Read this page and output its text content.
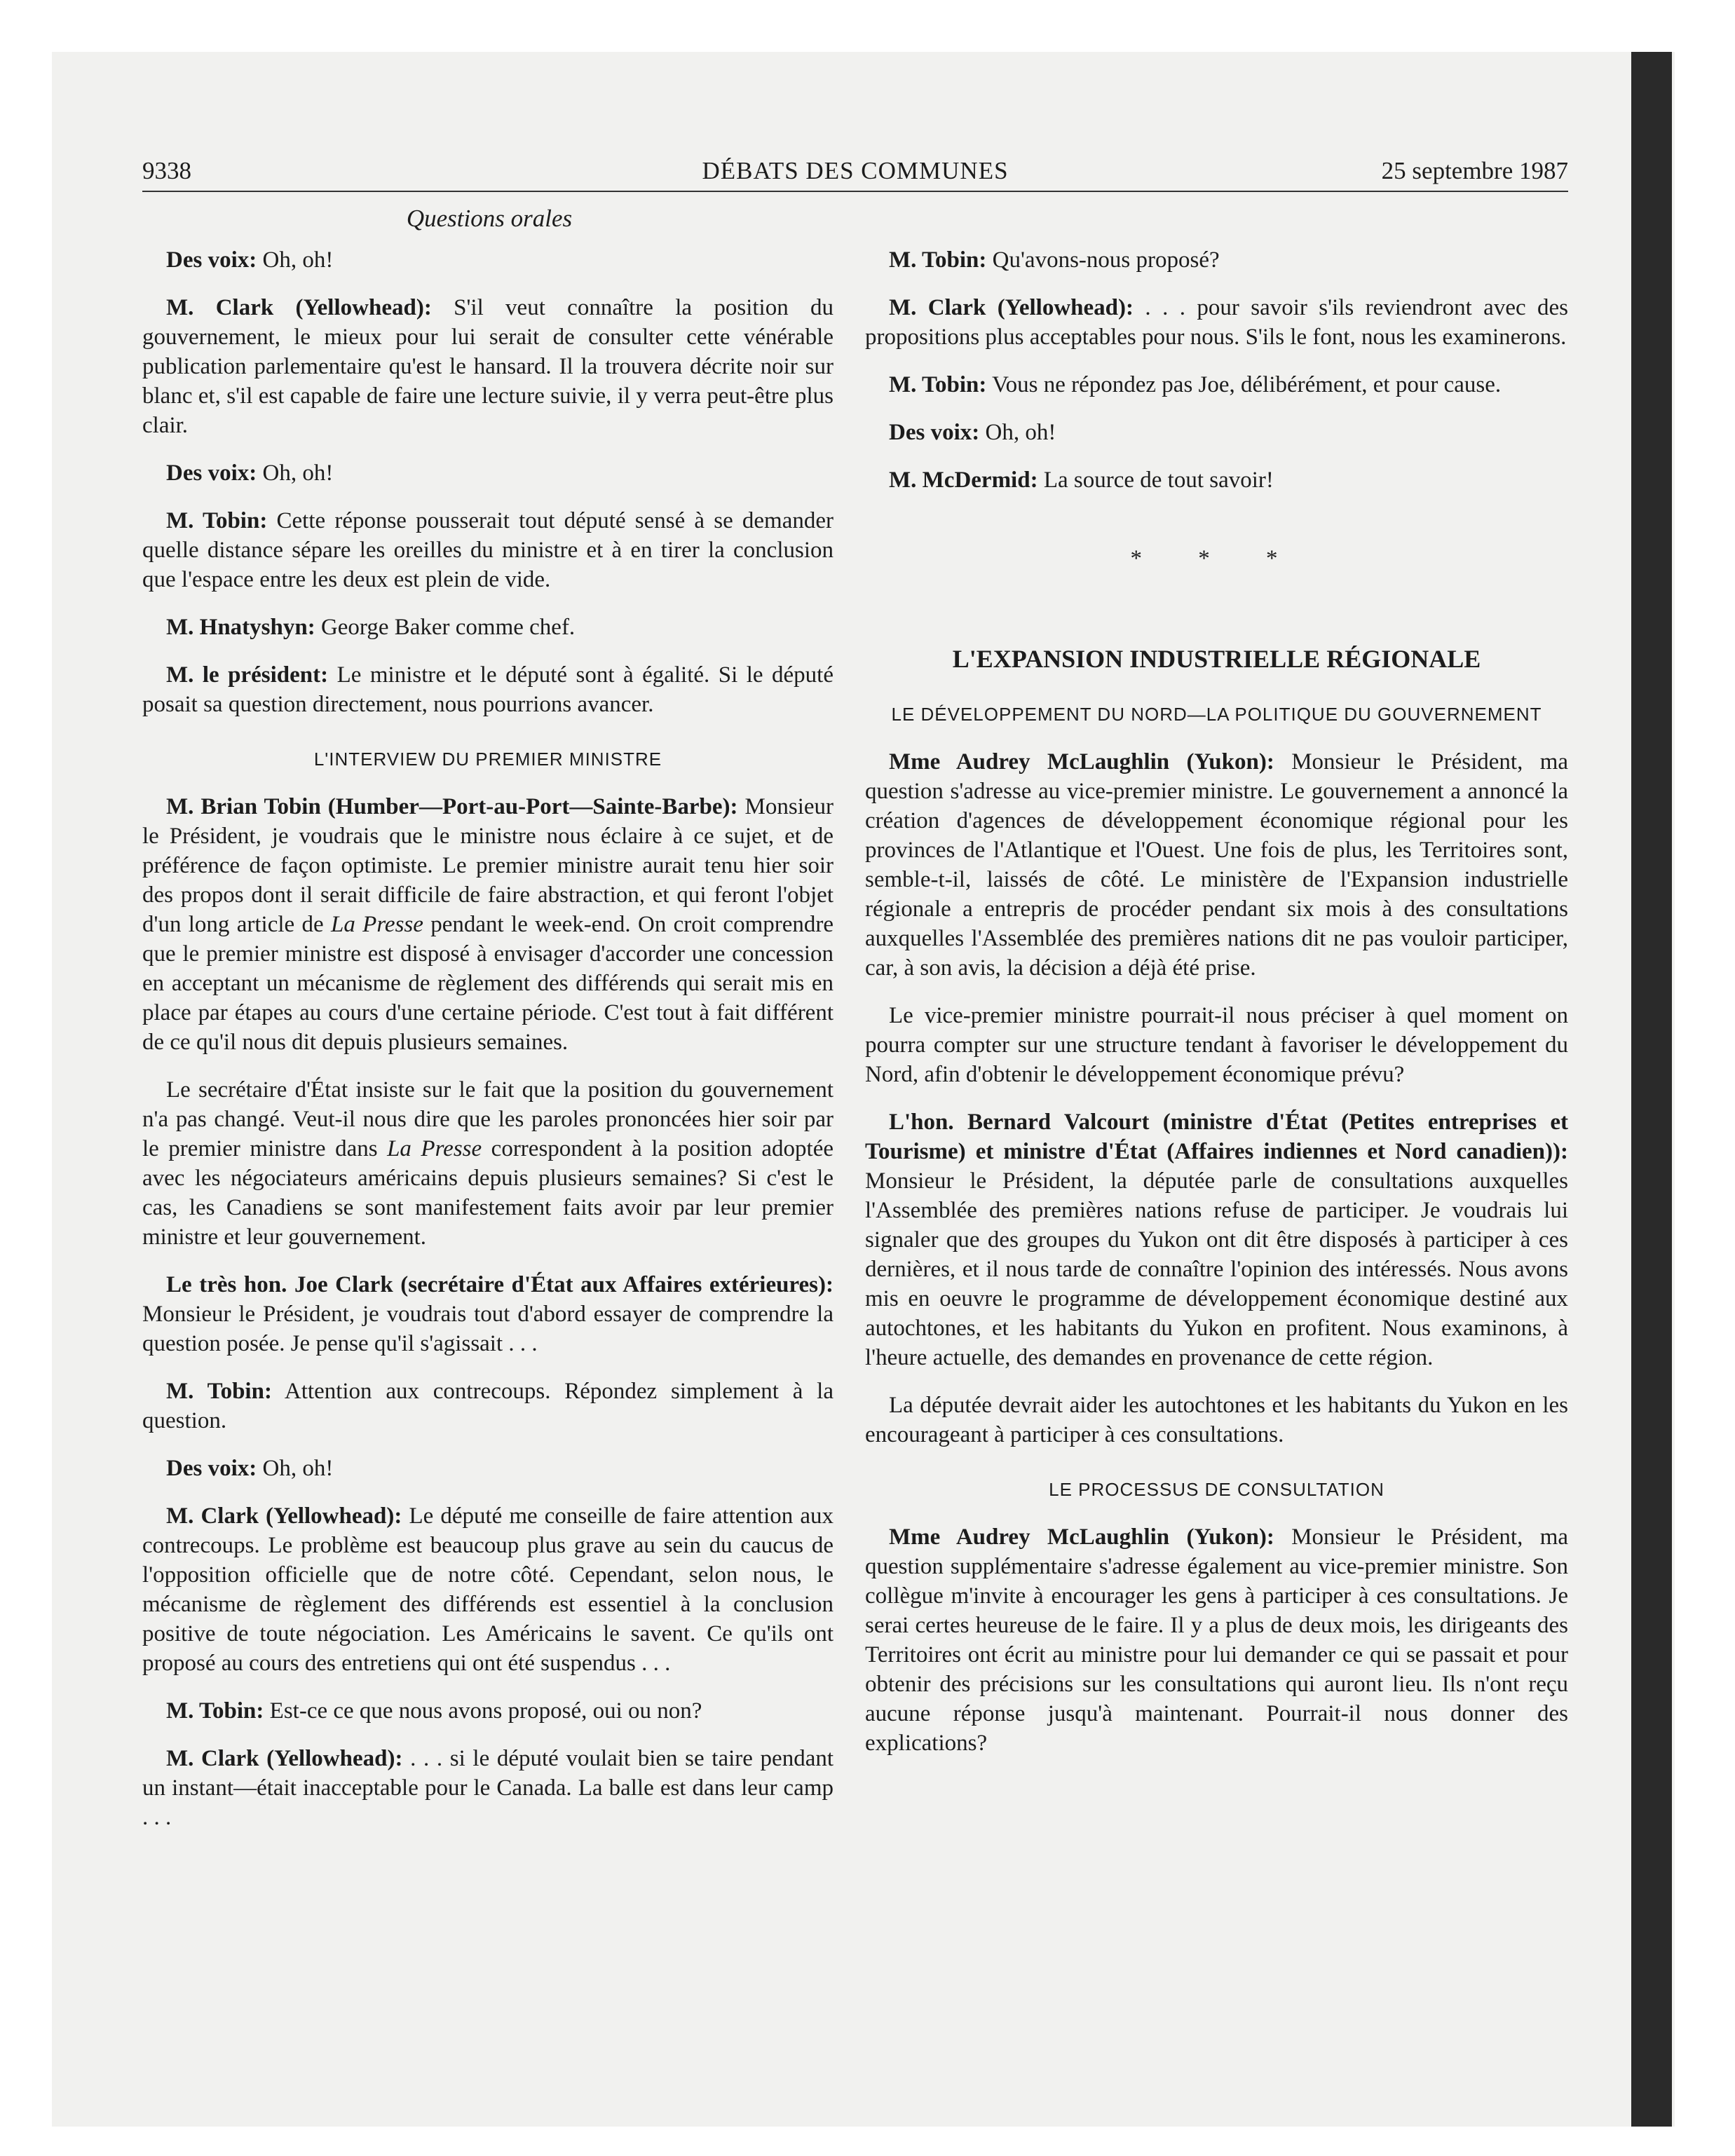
9338	DÉBATS DES COMMUNES	25 septembre 1987
Questions orales

Des voix: Oh, oh!

M. Clark (Yellowhead): S'il veut connaître la position du gouvernement, le mieux pour lui serait de consulter cette vénérable publication parlementaire qu'est le hansard. Il la trouvera décrite noir sur blanc et, s'il est capable de faire une lecture suivie, il y verra peut-être plus clair.

Des voix: Oh, oh!

M. Tobin: Cette réponse pousserait tout député sensé à se demander quelle distance sépare les oreilles du ministre et à en tirer la conclusion que l'espace entre les deux est plein de vide.

M. Hnatyshyn: George Baker comme chef.

M. le président: Le ministre et le député sont à égalité. Si le député posait sa question directement, nous pourrions avancer.

L'INTERVIEW DU PREMIER MINISTRE

M. Brian Tobin (Humber—Port-au-Port—Sainte-Barbe): Monsieur le Président, je voudrais que le ministre nous éclaire à ce sujet, et de préférence de façon optimiste. Le premier ministre aurait tenu hier soir des propos dont il serait difficile de faire abstraction, et qui feront l'objet d'un long article de La Presse pendant le week-end. On croit comprendre que le premier ministre est disposé à envisager d'accorder une concession en acceptant un mécanisme de règlement des différends qui serait mis en place par étapes au cours d'une certaine période. C'est tout à fait différent de ce qu'il nous dit depuis plusieurs semaines.

Le secrétaire d'État insiste sur le fait que la position du gouvernement n'a pas changé. Veut-il nous dire que les paroles prononcées hier soir par le premier ministre dans La Presse correspondent à la position adoptée avec les négociateurs américains depuis plusieurs semaines? Si c'est le cas, les Canadiens se sont manifestement faits avoir par leur premier ministre et leur gouvernement.

Le très hon. Joe Clark (secrétaire d'État aux Affaires extérieures): Monsieur le Président, je voudrais tout d'abord essayer de comprendre la question posée. Je pense qu'il s'agissait . . .

M. Tobin: Attention aux contrecoups. Répondez simplement à la question.

Des voix: Oh, oh!

M. Clark (Yellowhead): Le député me conseille de faire attention aux contrecoups. Le problème est beaucoup plus grave au sein du caucus de l'opposition officielle que de notre côté. Cependant, selon nous, le mécanisme de règlement des différends est essentiel à la conclusion positive de toute négociation. Les Américains le savent. Ce qu'ils ont proposé au cours des entretiens qui ont été suspendus . . .

M. Tobin: Est-ce ce que nous avons proposé, oui ou non?

M. Clark (Yellowhead): . . . si le député voulait bien se taire pendant un instant—était inacceptable pour le Canada. La balle est dans leur camp . . .

M. Tobin: Qu'avons-nous proposé?

M. Clark (Yellowhead): . . . pour savoir s'ils reviendront avec des propositions plus acceptables pour nous. S'ils le font, nous les examinerons.

M. Tobin: Vous ne répondez pas Joe, délibérément, et pour cause.

Des voix: Oh, oh!

M. McDermid: La source de tout savoir!

* * *
L'EXPANSION INDUSTRIELLE RÉGIONALE
LE DÉVELOPPEMENT DU NORD—LA POLITIQUE DU GOUVERNEMENT

Mme Audrey McLaughlin (Yukon): Monsieur le Président, ma question s'adresse au vice-premier ministre. Le gouvernement a annoncé la création d'agences de développement économique régional pour les provinces de l'Atlantique et l'Ouest. Une fois de plus, les Territoires sont, semble-t-il, laissés de côté. Le ministère de l'Expansion industrielle régionale a entrepris de procéder pendant six mois à des consultations auxquelles l'Assemblée des premières nations dit ne pas vouloir participer, car, à son avis, la décision a déjà été prise.

Le vice-premier ministre pourrait-il nous préciser à quel moment on pourra compter sur une structure tendant à favoriser le développement du Nord, afin d'obtenir le développement économique prévu?

L'hon. Bernard Valcourt (ministre d'État (Petites entreprises et Tourisme) et ministre d'État (Affaires indiennes et Nord canadien)): Monsieur le Président, la députée parle de consultations auxquelles l'Assemblée des premières nations refuse de participer. Je voudrais lui signaler que des groupes du Yukon ont dit être disposés à participer à ces dernières, et il nous tarde de connaître l'opinion des intéressés. Nous avons mis en oeuvre le programme de développement économique destiné aux autochtones, et les habitants du Yukon en profitent. Nous examinons, à l'heure actuelle, des demandes en provenance de cette région.

La députée devrait aider les autochtones et les habitants du Yukon en les encourageant à participer à ces consultations.

LE PROCESSUS DE CONSULTATION

Mme Audrey McLaughlin (Yukon): Monsieur le Président, ma question supplémentaire s'adresse également au vice-premier ministre. Son collègue m'invite à encourager les gens à participer à ces consultations. Je serai certes heureuse de le faire. Il y a plus de deux mois, les dirigeants des Territoires ont écrit au ministre pour lui demander ce qui se passait et pour obtenir des précisions sur les consultations qui auront lieu. Ils n'ont reçu aucune réponse jusqu'à maintenant. Pourrait-il nous donner des explications?
